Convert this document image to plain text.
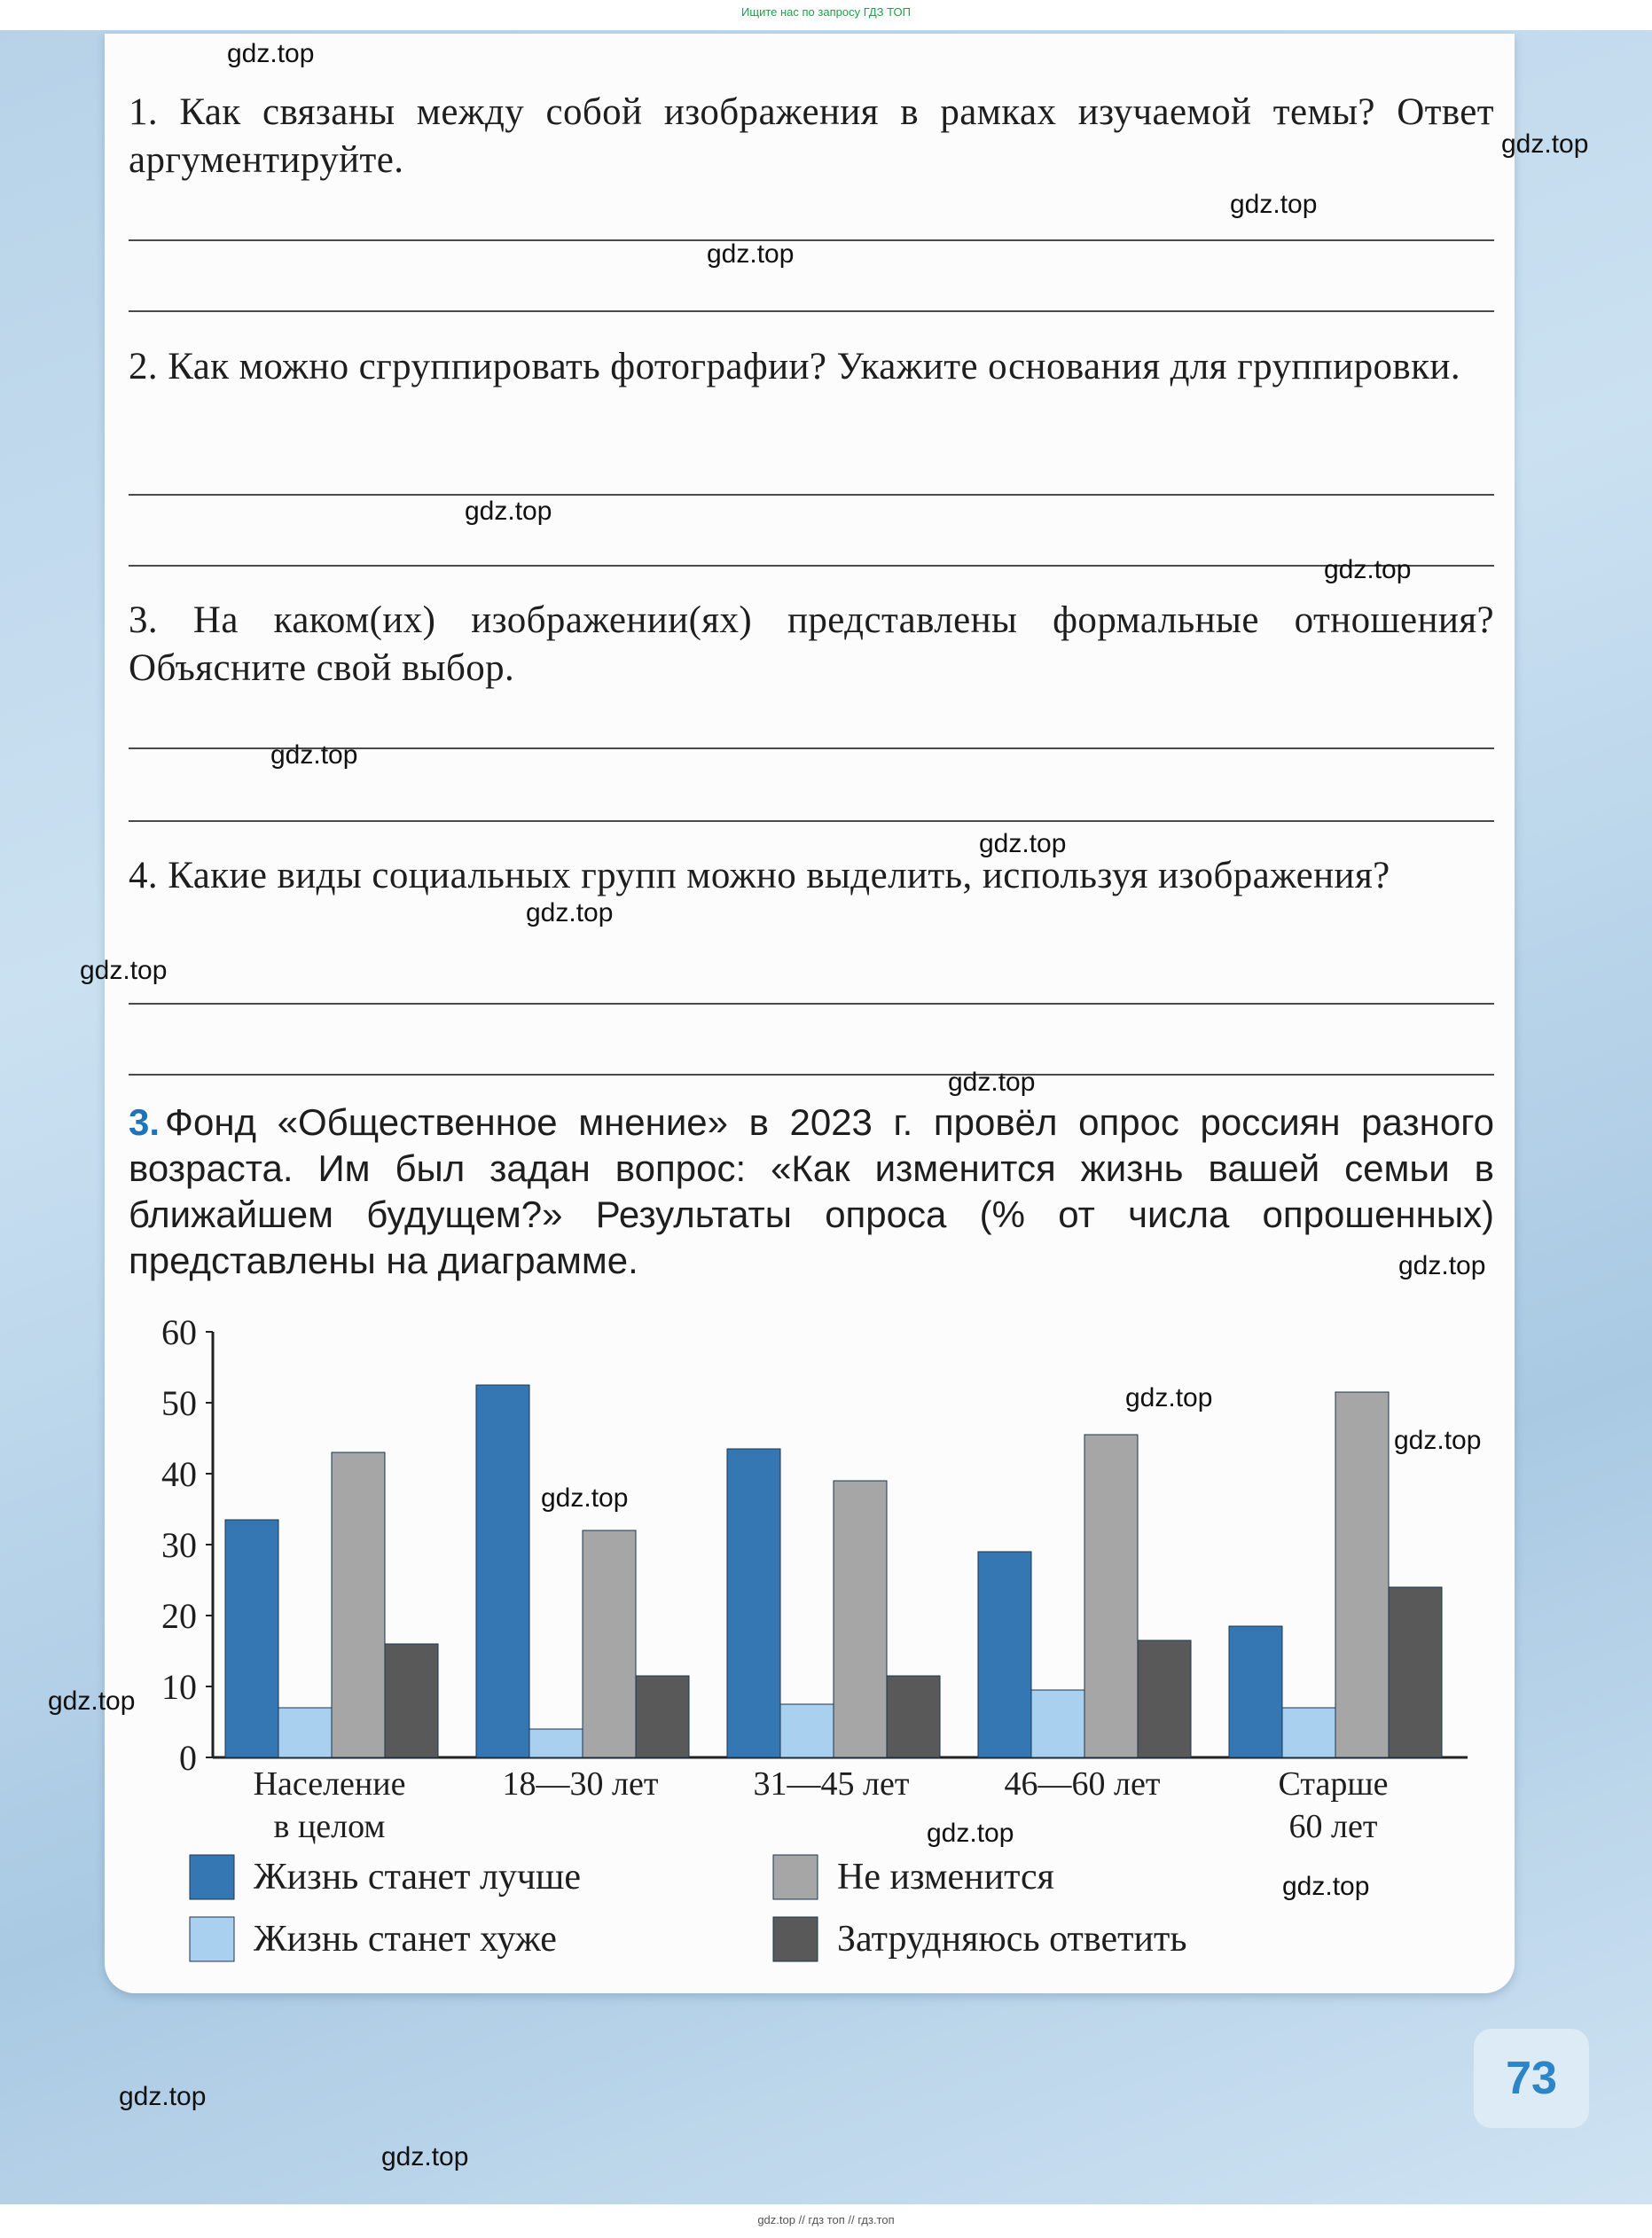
Ищите нас по запросу ГДЗ ТОП
1. Как связаны между собой изображения в рамках изучаемой темы? Ответ аргументируйте.
2. Как можно сгруппировать фотографии? Укажите основания для группировки.
3. На каком(их) изображении(ях) представлены формальные отношения? Объясните свой выбор.
4. Какие виды социальных групп можно выделить, используя изображения?
3. Фонд «Общественное мнение» в 2023 г. провёл опрос россиян разного возраста. Им был задан вопрос: «Как изменится жизнь вашей семьи в ближайшем будущем?» Результаты опроса (% от числа опрошенных) представлены на диаграмме.
0
10
20
30
40
50
60
Население
в целом
18—30 лет	31—45 лет	46—60 лет	Старше
60 лет
Жизнь станет лучше	Не изменится
Жизнь станет хуже	Затрудняюсь ответить
73
gdz.top
gdz.top
gdz.top
gdz.top
gdz.top
gdz.top
gdz.top
gdz.top
gdz.top
gdz.top
gdz.top
gdz.top
gdz.top
gdz.top
gdz.top
gdz.top
gdz.top
gdz.top
gdz.top
gdz.top
gdz.top // гдз топ // гдз.топ
